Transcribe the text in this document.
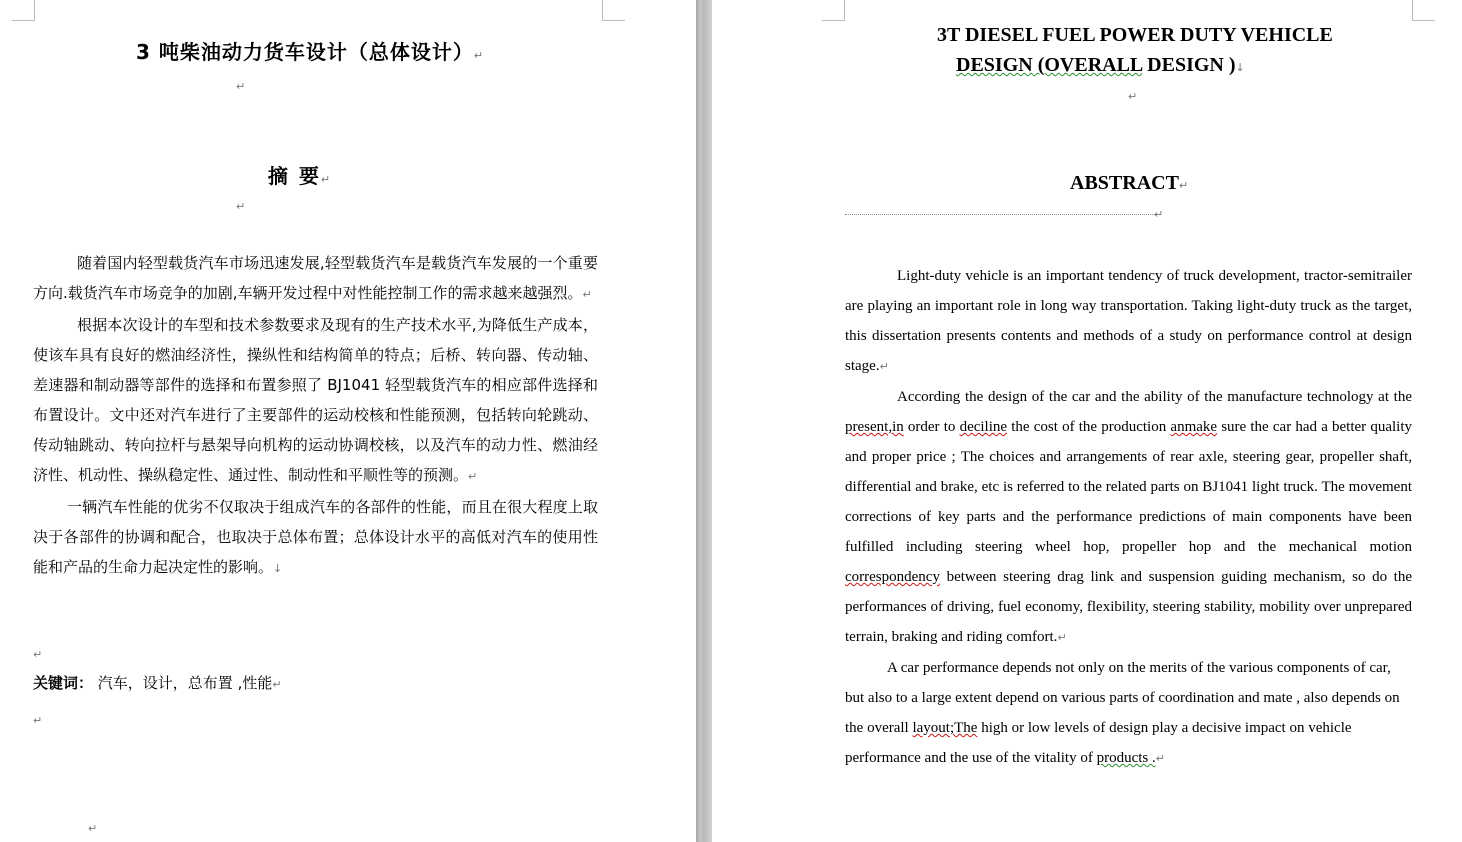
3 吨柴油动力货车设计（总体设计）↵
↵
摘 要↵
↵

随着国内轻型载货汽车市场迅速发展,轻型载货汽车是载货汽车发展的一个重要方向.载货汽车市场竞争的加剧,车辆开发过程中对性能控制工作的需求越来越强烈。↵

根据本次设计的车型和技术参数要求及现有的生产技术水平,为降低生产成本，使该车具有良好的燃油经济性，操纵性和结构简单的特点；后桥、转向器、传动轴、差速器和制动器等部件的选择和布置参照了 BJ1041 轻型载货汽车的相应部件选择和布置设计。文中还对汽车进行了主要部件的运动校核和性能预测，包括转向轮跳动、传动轴跳动、转向拉杆与悬架导向机构的运动协调校核，以及汽车的动力性、燃油经济性、机动性、操纵稳定性、通过性、制动性和平顺性等的预测。↵

一辆汽车性能的优劣不仅取决于组成汽车的各部件的性能，而且在很大程度上取决于各部件的协调和配合，也取决于总体布置；总体设计水平的高低对汽车的使用性能和产品的生命力起决定性的影响。↓

↵
关键词： 汽车，设计，总布置 ,性能↵
↵
↵
3T DIESEL FUEL POWER DUTY VEHICLE
DESIGN (OVERALL DESIGN )↓
↵
ABSTRACT↵
↵

Light-duty vehicle is an important tendency of truck development, tractor-semitrailer are playing an important role in long way transportation. Taking light-duty truck as the target, this dissertation presents contents and methods of a study on performance control at design stage.↵

According the design of the car and the ability of the manufacture technology at the present,in order to deciline the cost of the production anmake sure the car had a better quality and proper price ; The choices and arrangements of rear axle, steering gear, propeller shaft, differential and brake, etc is referred to the related parts on BJ1041 light truck. The movement corrections of key parts and the performance predictions of main components have been fulfilled including steering wheel hop, propeller hop and the mechanical motion correspondency between steering drag link and suspension guiding mechanism, so do the performances of driving, fuel economy, flexibility, steering stability, mobility over unprepared terrain, braking and riding comfort.↵

A car performance depends not only on the merits of the various components of car, but also to a large extent depend on various parts of coordination and mate , also depends on the overall layout;The high or low levels of design play a decisive impact on vehicle performance and the use of the vitality of products .↵
